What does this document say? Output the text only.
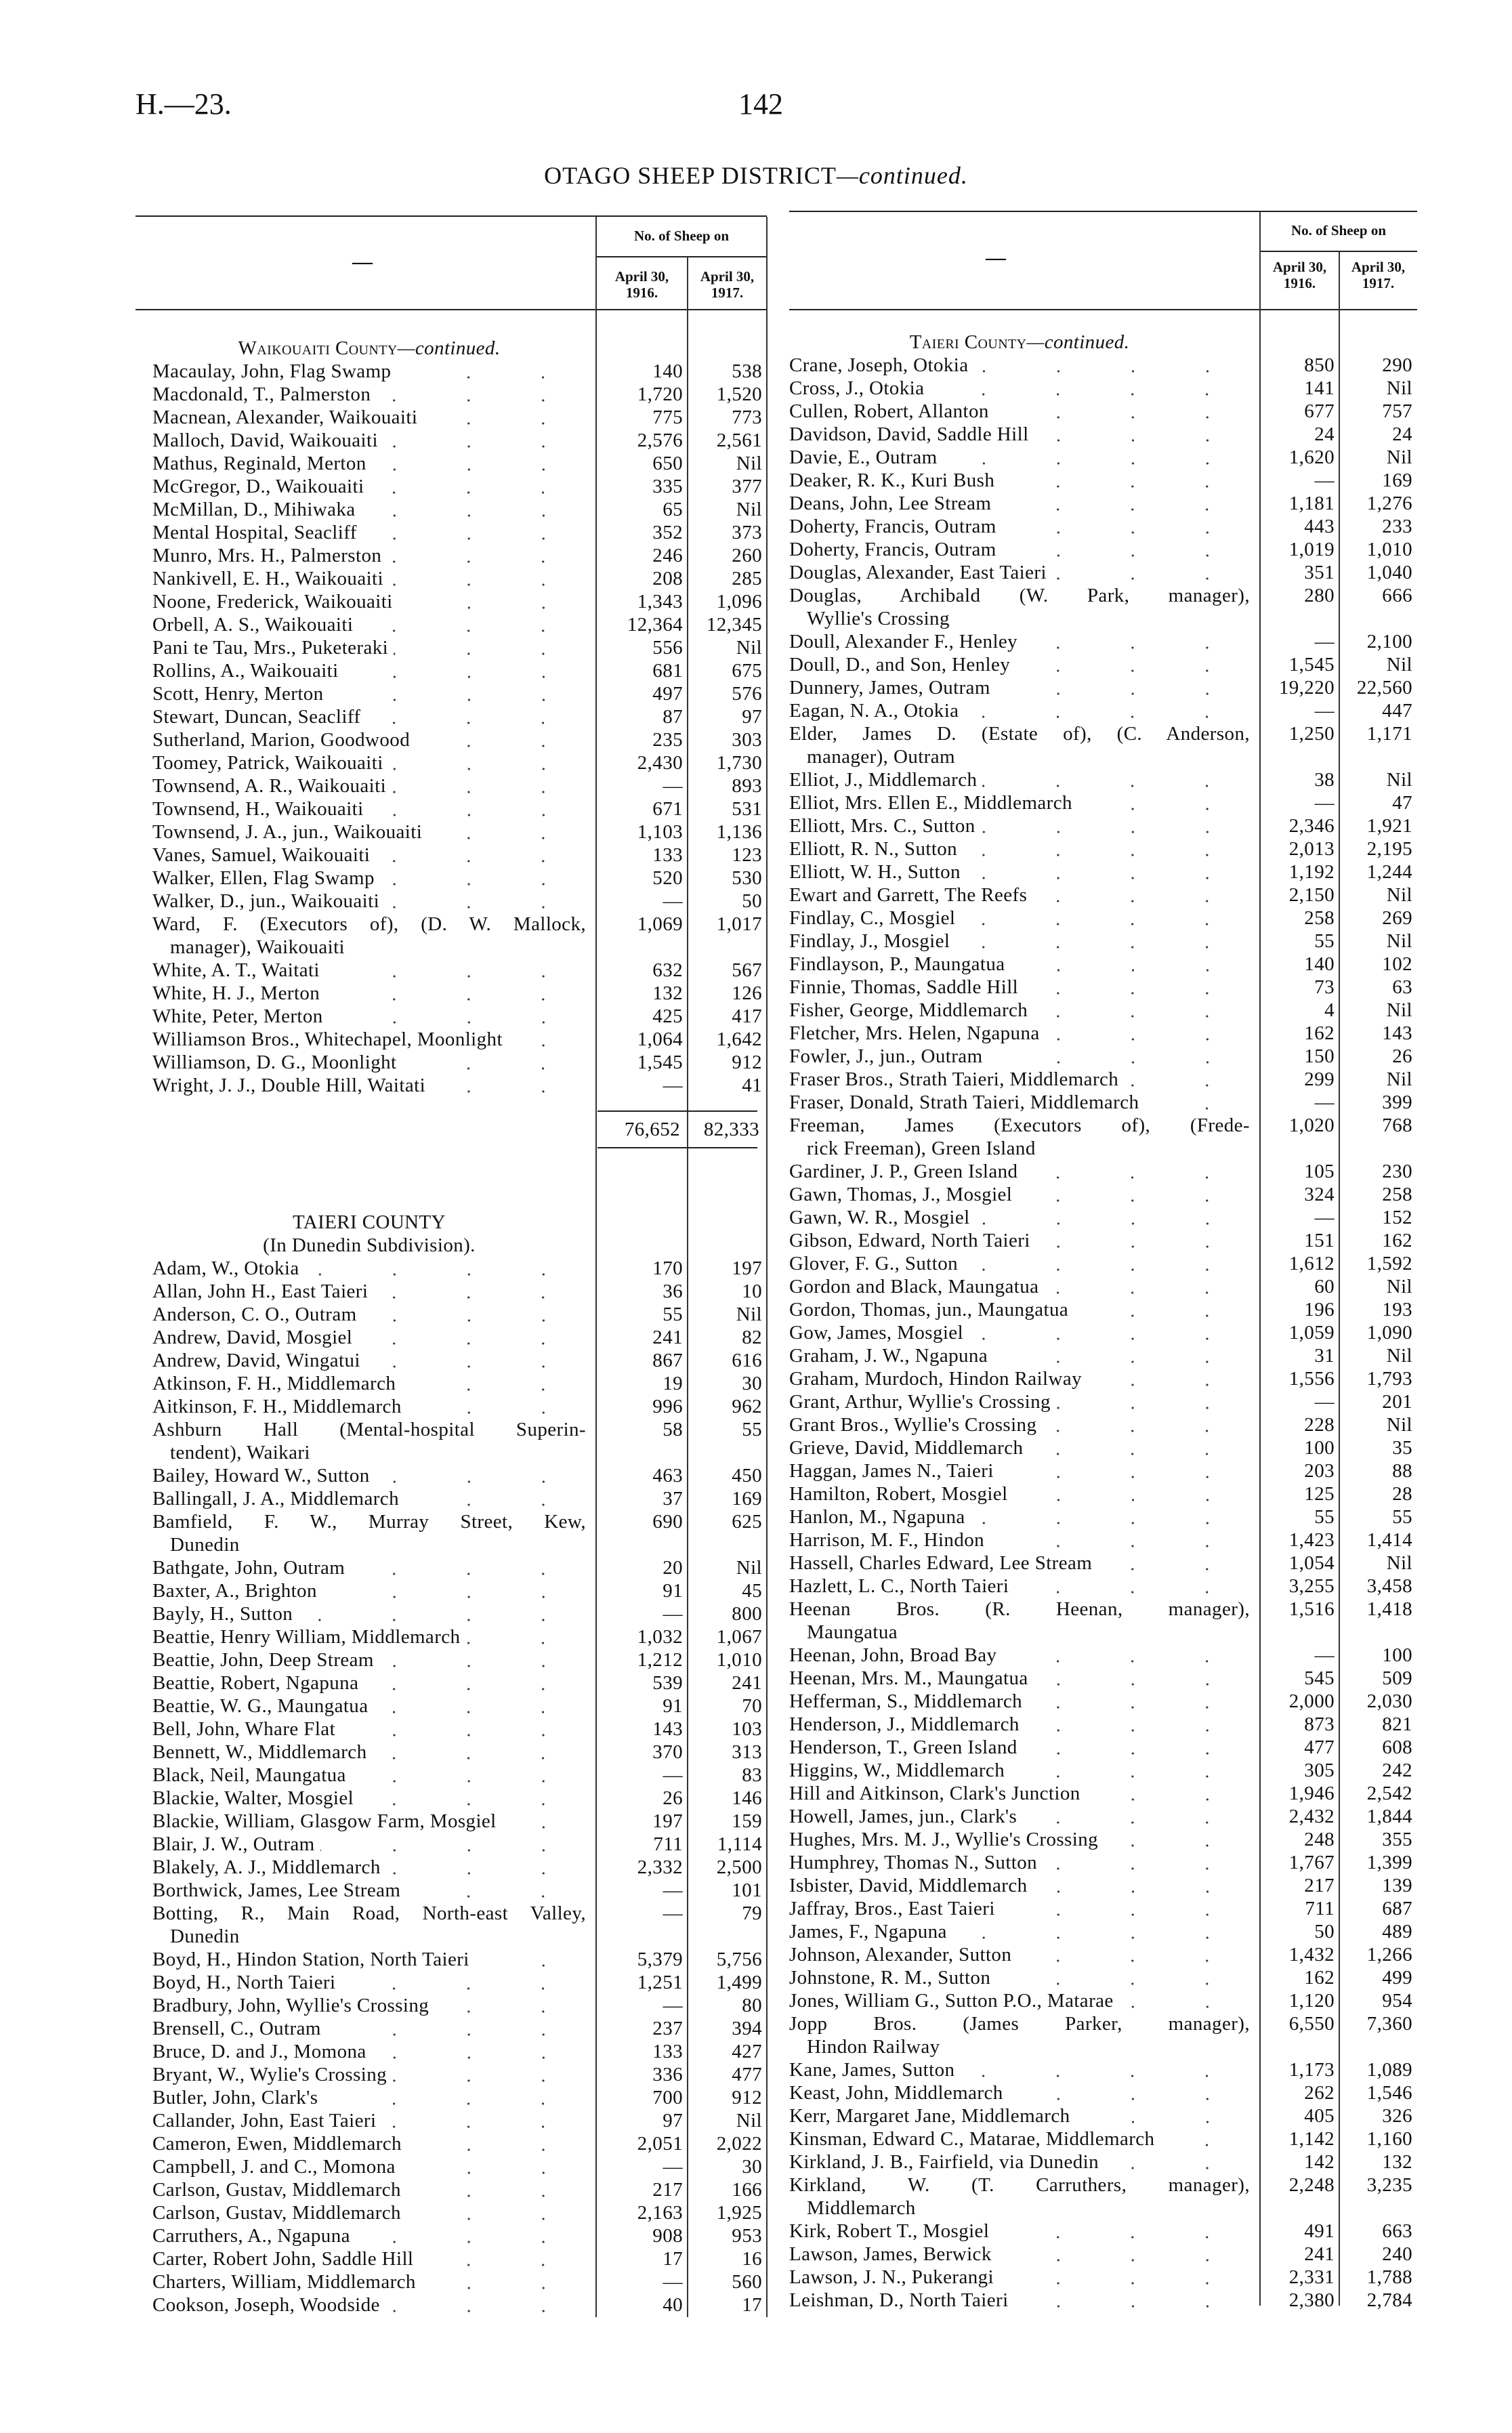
H.—23.	142
OTAGO SHEEP DISTRICT—continued.
—
No. of Sheep on
April 30,
1916.
April 30,
1917.
—
No. of Sheep on
April 30,
1916.
April 30,
1917.
Waikouaiti County—continued.
Macaulay, John, Flag Swamp	140	538
Macdonald, T., Palmerston	1,720	1,520
Macnean, Alexander, Waikouaiti	775	773
Malloch, David, Waikouaiti	2,576	2,561
Mathus, Reginald, Merton	650	Nil
McGregor, D., Waikouaiti	335	377
McMillan, D., Mihiwaka	65	Nil
Mental Hospital, Seacliff	352	373
Munro, Mrs. H., Palmerston	246	260
Nankivell, E. H., Waikouaiti	208	285
Noone, Frederick, Waikouaiti	1,343	1,096
Orbell, A. S., Waikouaiti	12,364	12,345
Pani te Tau, Mrs., Puketeraki	556	Nil
Rollins, A., Waikouaiti	681	675
Scott, Henry, Merton	497	576
Stewart, Duncan, Seacliff	87	97
Sutherland, Marion, Goodwood	235	303
Toomey, Patrick, Waikouaiti	2,430	1,730
Townsend, A. R., Waikouaiti	—	893
Townsend, H., Waikouaiti	671	531
Townsend, J. A., jun., Waikouaiti	1,103	1,136
Vanes, Samuel, Waikouaiti	133	123
Walker, Ellen, Flag Swamp	520	530
Walker, D., jun., Waikouaiti	—	50
Ward, F. (Executors of), (D. W. Mallock,	1,069	1,017
manager), Waikouaiti
White, A. T., Waitati	632	567
White, H. J., Merton	132	126
White, Peter, Merton	425	417
Williamson Bros., Whitechapel, Moonlight	1,064	1,642
Williamson, D. G., Moonlight	1,545	912
Wright, J. J., Double Hill, Waitati	—	41
76,652	82,333
TAIERI COUNTY
(In Dunedin Subdivision).
Adam, W., Otokia	170	197
Allan, John H., East Taieri	36	10
Anderson, C. O., Outram	55	Nil
Andrew, David, Mosgiel	241	82
Andrew, David, Wingatui	867	616
Atkinson, F. H., Middlemarch	19	30
Aitkinson, F. H., Middlemarch	996	962
Ashburn Hall (Mental-hospital Superin-	58	55
tendent), Waikari
Bailey, Howard W., Sutton	463	450
Ballingall, J. A., Middlemarch	37	169
Bamfield, F. W., Murray Street, Kew,	690	625
Dunedin
Bathgate, John, Outram	20	Nil
Baxter, A., Brighton	91	45
Bayly, H., Sutton	—	800
Beattie, Henry William, Middlemarch	1,032	1,067
Beattie, John, Deep Stream	1,212	1,010
Beattie, Robert, Ngapuna	539	241
Beattie, W. G., Maungatua	91	70
Bell, John, Whare Flat	143	103
Bennett, W., Middlemarch	370	313
Black, Neil, Maungatua	—	83
Blackie, Walter, Mosgiel	26	146
Blackie, William, Glasgow Farm, Mosgiel	197	159
Blair, J. W., Outram	711	1,114
Blakely, A. J., Middlemarch	2,332	2,500
Borthwick, James, Lee Stream	—	101
Botting, R., Main Road, North-east Valley,	—	79
Dunedin
Boyd, H., Hindon Station, North Taieri	5,379	5,756
Boyd, H., North Taieri	1,251	1,499
Bradbury, John, Wyllie's Crossing	—	80
Brensell, C., Outram	237	394
Bruce, D. and J., Momona	133	427
Bryant, W., Wylie's Crossing	336	477
Butler, John, Clark's	700	912
Callander, John, East Taieri	97	Nil
Cameron, Ewen, Middlemarch	2,051	2,022
Campbell, J. and C., Momona	—	30
Carlson, Gustav, Middlemarch	217	166
Carlson, Gustav, Middlemarch	2,163	1,925
Carruthers, A., Ngapuna	908	953
Carter, Robert John, Saddle Hill	17	16
Charters, William, Middlemarch	—	560
Cookson, Joseph, Woodside	40	17
Taieri County—continued.
Crane, Joseph, Otokia	850	290
Cross, J., Otokia	141	Nil
Cullen, Robert, Allanton	677	757
Davidson, David, Saddle Hill	24	24
Davie, E., Outram	1,620	Nil
Deaker, R. K., Kuri Bush	—	169
Deans, John, Lee Stream	1,181	1,276
Doherty, Francis, Outram	443	233
Doherty, Francis, Outram	1,019	1,010
Douglas, Alexander, East Taieri	351	1,040
Douglas, Archibald (W. Park, manager),	280	666
Wyllie's Crossing
Doull, Alexander F., Henley	—	2,100
Doull, D., and Son, Henley	1,545	Nil
Dunnery, James, Outram	19,220	22,560
Eagan, N. A., Otokia	—	447
Elder, James D. (Estate of), (C. Anderson,	1,250	1,171
manager), Outram
Elliot, J., Middlemarch	38	Nil
Elliot, Mrs. Ellen E., Middlemarch	—	47
Elliott, Mrs. C., Sutton	2,346	1,921
Elliott, R. N., Sutton	2,013	2,195
Elliott, W. H., Sutton	1,192	1,244
Ewart and Garrett, The Reefs	2,150	Nil
Findlay, C., Mosgiel	258	269
Findlay, J., Mosgiel	55	Nil
Findlayson, P., Maungatua	140	102
Finnie, Thomas, Saddle Hill	73	63
Fisher, George, Middlemarch	4	Nil
Fletcher, Mrs. Helen, Ngapuna	162	143
Fowler, J., jun., Outram	150	26
Fraser Bros., Strath Taieri, Middlemarch	299	Nil
Fraser, Donald, Strath Taieri, Middlemarch	—	399
Freeman, James (Executors of), (Frede-	1,020	768
rick Freeman), Green Island
Gardiner, J. P., Green Island	105	230
Gawn, Thomas, J., Mosgiel	324	258
Gawn, W. R., Mosgiel	—	152
Gibson, Edward, North Taieri	151	162
Glover, F. G., Sutton	1,612	1,592
Gordon and Black, Maungatua	60	Nil
Gordon, Thomas, jun., Maungatua	196	193
Gow, James, Mosgiel	1,059	1,090
Graham, J. W., Ngapuna	31	Nil
Graham, Murdoch, Hindon Railway	1,556	1,793
Grant, Arthur, Wyllie's Crossing	—	201
Grant Bros., Wyllie's Crossing	228	Nil
Grieve, David, Middlemarch	100	35
Haggan, James N., Taieri	203	88
Hamilton, Robert, Mosgiel	125	28
Hanlon, M., Ngapuna	55	55
Harrison, M. F., Hindon	1,423	1,414
Hassell, Charles Edward, Lee Stream	1,054	Nil
Hazlett, L. C., North Taieri	3,255	3,458
Heenan Bros. (R. Heenan, manager),	1,516	1,418
Maungatua
Heenan, John, Broad Bay	—	100
Heenan, Mrs. M., Maungatua	545	509
Hefferman, S., Middlemarch	2,000	2,030
Henderson, J., Middlemarch	873	821
Henderson, T., Green Island	477	608
Higgins, W., Middlemarch	305	242
Hill and Aitkinson, Clark's Junction	1,946	2,542
Howell, James, jun., Clark's	2,432	1,844
Hughes, Mrs. M. J., Wyllie's Crossing	248	355
Humphrey, Thomas N., Sutton	1,767	1,399
Isbister, David, Middlemarch	217	139
Jaffray, Bros., East Taieri	711	687
James, F., Ngapuna	50	489
Johnson, Alexander, Sutton	1,432	1,266
Johnstone, R. M., Sutton	162	499
Jones, William G., Sutton P.O., Matarae	1,120	954
Jopp Bros. (James Parker, manager),	6,550	7,360
Hindon Railway
Kane, James, Sutton	1,173	1,089
Keast, John, Middlemarch	262	1,546
Kerr, Margaret Jane, Middlemarch	405	326
Kinsman, Edward C., Matarae, Middlemarch	1,142	1,160
Kirkland, J. B., Fairfield, via Dunedin	142	132
Kirkland, W. (T. Carruthers, manager),	2,248	3,235
Middlemarch
Kirk, Robert T., Mosgiel	491	663
Lawson, James, Berwick	241	240
Lawson, J. N., Pukerangi	2,331	1,788
Leishman, D., North Taieri	2,380	2,784
